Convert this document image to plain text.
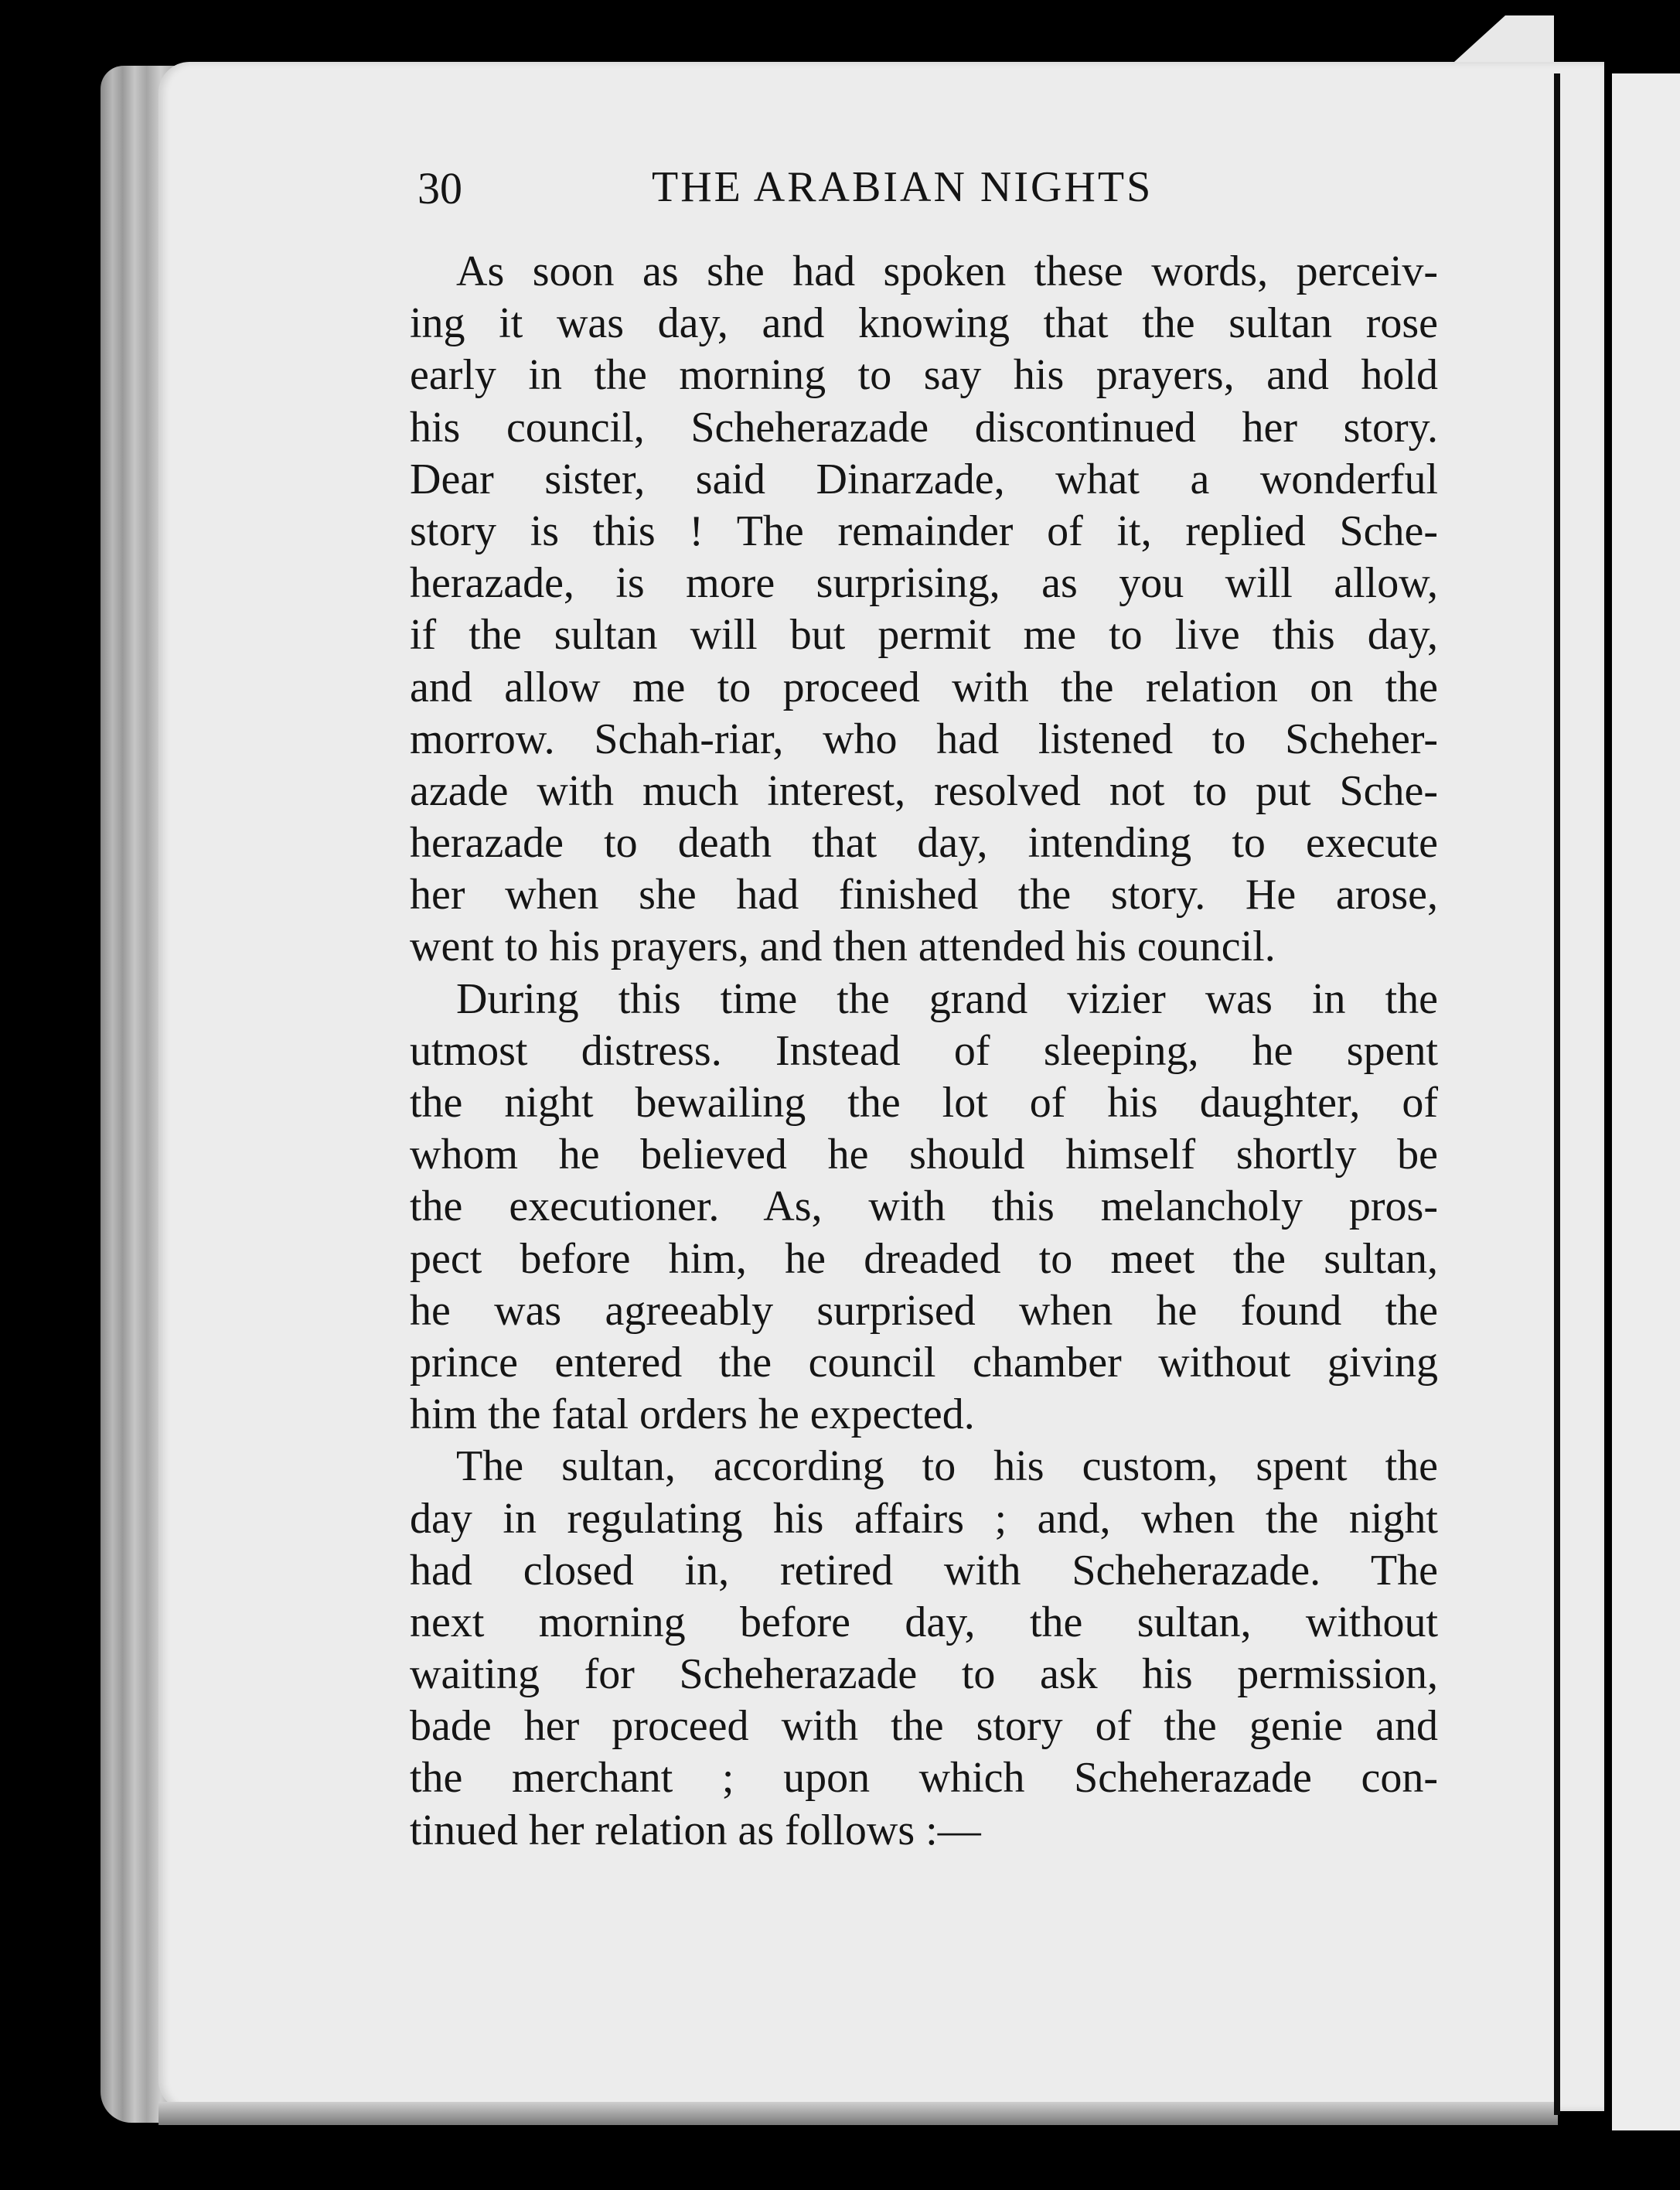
30	THE ARABIAN NIGHTS
As soon as she had spoken these words, perceiv-
ing it was day, and knowing that the sultan rose
early in the morning to say his prayers, and hold
his council, Scheherazade discontinued her story.
Dear sister, said Dinarzade, what a wonderful
story is this ! The remainder of it, replied Sche-
herazade, is more surprising, as you will allow,
if the sultan will but permit me to live this day,
and allow me to proceed with the relation on the
morrow. Schah-riar, who had listened to Scheher-
azade with much interest, resolved not to put Sche-
herazade to death that day, intending to execute
her when she had finished the story. He arose,
went to his prayers, and then attended his council.
During this time the grand vizier was in the
utmost distress. Instead of sleeping, he spent
the night bewailing the lot of his daughter, of
whom he believed he should himself shortly be
the executioner. As, with this melancholy pros-
pect before him, he dreaded to meet the sultan,
he was agreeably surprised when he found the
prince entered the council chamber without giving
him the fatal orders he expected.
The sultan, according to his custom, spent the
day in regulating his affairs ; and, when the night
had closed in, retired with Scheherazade. The
next morning before day, the sultan, without
waiting for Scheherazade to ask his permission,
bade her proceed with the story of the genie and
the merchant ; upon which Scheherazade con-
tinued her relation as follows :—
